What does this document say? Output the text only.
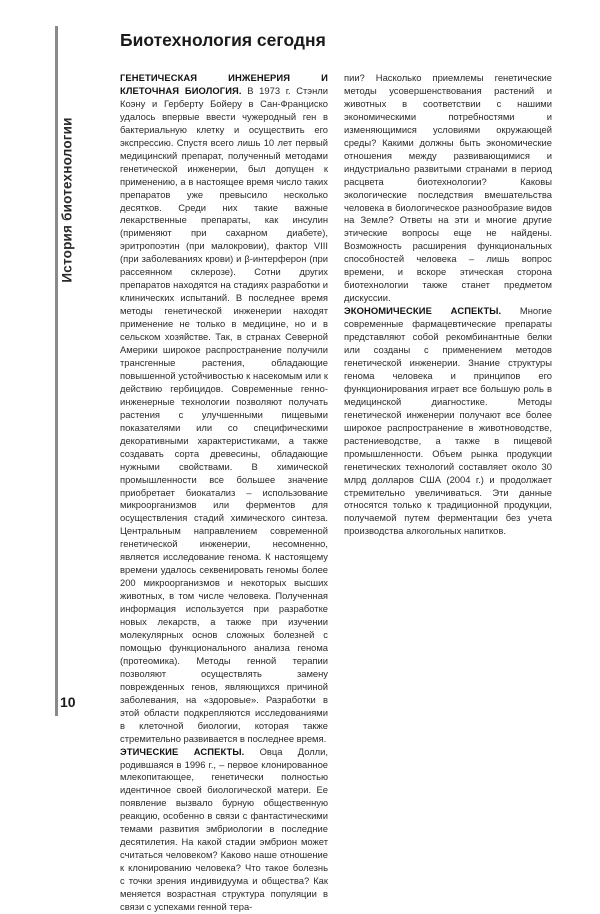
История биотехнологии
10
Биотехнология сегодня

ГЕНЕТИЧЕСКАЯ ИНЖЕНЕРИЯ И КЛЕТОЧНАЯ БИОЛОГИЯ. В 1973 г. Стэнли Коэну и Герберту Бойеру в Сан-Франциско удалось впервые ввести чужеродный ген в бактериальную клетку и осуществить его экспрессию. Спустя всего лишь 10 лет первый медицинский препарат, полученный методами генетической инженерии, был допущен к применению, а в настоящее время число таких препаратов уже превысило несколько десятков. Среди них такие важные лекарственные препараты, как инсулин (применяют при сахарном диабете), эритропоэтин (при малокровии), фактор VIII (при заболеваниях крови) и β-интерферон (при рассеянном склерозе). Сотни других препаратов находятся на стадиях разработки и клинических испытаний. В последнее время методы генетической инженерии находят применение не только в медицине, но и в сельском хозяйстве. Так, в странах Северной Америки широкое распространение получили трансгенные растения, обладающие повышенной устойчивостью к насекомым или к действию гербицидов. Современные генно-инженерные технологии позволяют получать растения с улучшенными пищевыми показателями или со специфическими декоративными характеристиками, а также создавать сорта древесины, обладающие нужными свойствами. В химической промышленности все большее значение приобретает биокатализ – использование микроорганизмов или ферментов для осуществления стадий химического синтеза. Центральным направлением современной генетической инженерии, несомненно, является исследование генома. К настоящему времени удалось секвенировать геномы более 200 микроорганизмов и некоторых высших животных, в том числе человека. Полученная информация используется при разработке новых лекарств, а также при изучении молекулярных основ сложных болезней с помощью функционального анализа генома (протеомика). Методы генной терапии позволяют осуществлять замену поврежденных генов, являющихся причиной заболевания, на «здоровые». Разработки в этой области подкрепляются исследованиями в клеточной биологии, которая также стремительно развивается в последнее время.

ЭТИЧЕСКИЕ АСПЕКТЫ. Овца Долли, родившаяся в 1996 г., – первое клонированное млекопитающее, генетически полностью идентичное своей биологической матери. Ее появление вызвало бурную общественную реакцию, особенно в связи с фантастическими темами развития эмбриологии в последние десятилетия. На какой стадии эмбрион может считаться человеком? Каково наше отношение к клонированию человека? Что такое болезнь с точки зрения индивидуума и общества? Как меняется возрастная структура популяции в связи с успехами генной тера-

пии? Насколько приемлемы генетические методы усовершенствования растений и животных в соответствии с нашими экономическими потребностями и изменяющимися условиями окружающей среды? Какими должны быть экономические отношения между развивающимися и индустриально развитыми странами в период расцвета биотехнологии? Каковы экологические последствия вмешательства человека в биологическое разнообразие видов на Земле? Ответы на эти и многие другие этические вопросы еще не найдены. Возможность расширения функциональных способностей человека – лишь вопрос времени, и вскоре этическая сторона биотехнологии также станет предметом дискуссии.

ЭКОНОМИЧЕСКИЕ АСПЕКТЫ. Многие современные фармацевтические препараты представляют собой рекомбинантные белки или созданы с применением методов генетической инженерии. Знание структуры генома человека и принципов его функционирования играет все большую роль в медицинской диагностике. Методы генетической инженерии получают все более широкое распространение в животноводстве, растениеводстве, а также в пищевой промышленности. Объем рынка продукции генетических технологий составляет около 30 млрд долларов США (2004 г.) и продолжает стремительно увеличиваться. Эти данные относятся только к традиционной продукции, получаемой путем ферментации без учета производства алкогольных напитков.
